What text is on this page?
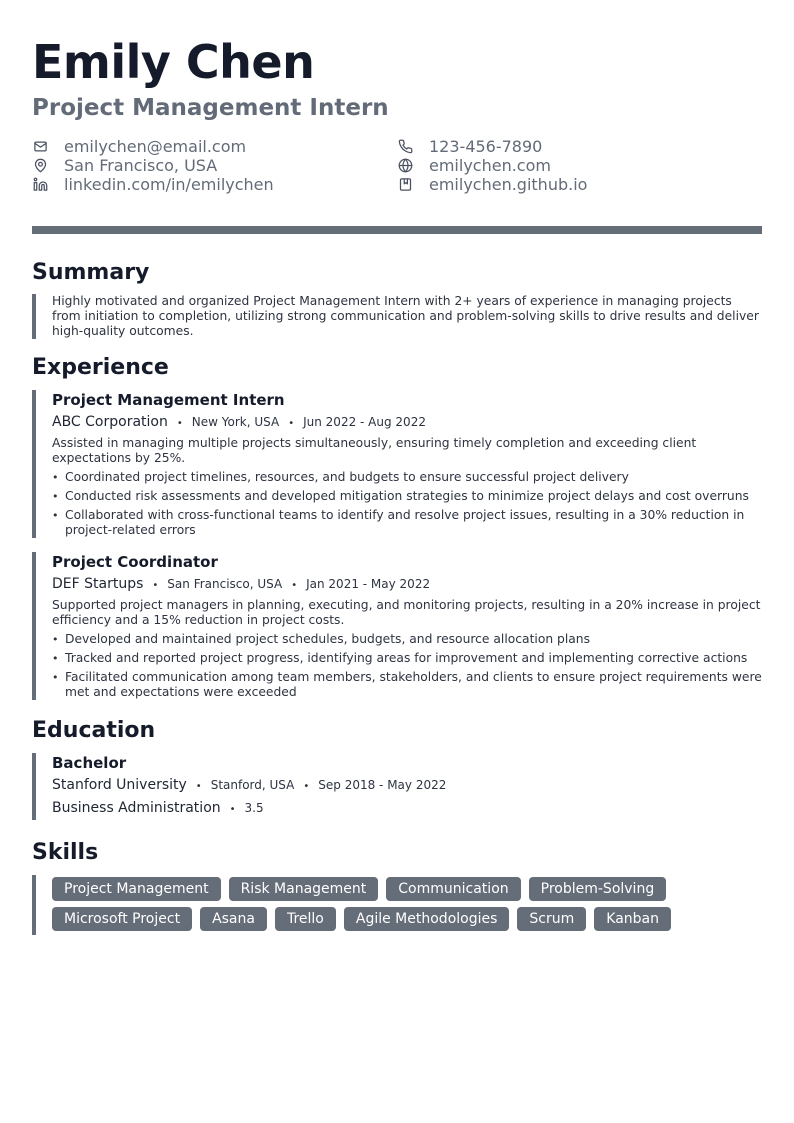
Emily Chen
Project Management Intern
emilychen@email.com	123-456-7890
San Francisco, USA	emilychen.com
linkedin.com/in/emilychen	emilychen.github.io
Summary
Highly motivated and organized Project Management Intern with 2+ years of experience in managing projects from initiation to completion, utilizing strong communication and problem-solving skills to drive results and deliver high-quality outcomes.
Experience
Project Management Intern
ABC Corporation • New York, USA • Jun 2022 - Aug 2022
Assisted in managing multiple projects simultaneously, ensuring timely completion and exceeding client expectations by 25%.
• Coordinated project timelines, resources, and budgets to ensure successful project delivery
• Conducted risk assessments and developed mitigation strategies to minimize project delays and cost overruns
• Collaborated with cross-functional teams to identify and resolve project issues, resulting in a 30% reduction in project-related errors
Project Coordinator
DEF Startups • San Francisco, USA • Jan 2021 - May 2022
Supported project managers in planning, executing, and monitoring projects, resulting in a 20% increase in project efficiency and a 15% reduction in project costs.
• Developed and maintained project schedules, budgets, and resource allocation plans
• Tracked and reported project progress, identifying areas for improvement and implementing corrective actions
• Facilitated communication among team members, stakeholders, and clients to ensure project requirements were met and expectations were exceeded
Education
Bachelor
Stanford University • Stanford, USA • Sep 2018 - May 2022
Business Administration • 3.5
Skills
Project Management	Risk Management	Communication	Problem-Solving
Microsoft Project	Asana	Trello	Agile Methodologies	Scrum	Kanban
